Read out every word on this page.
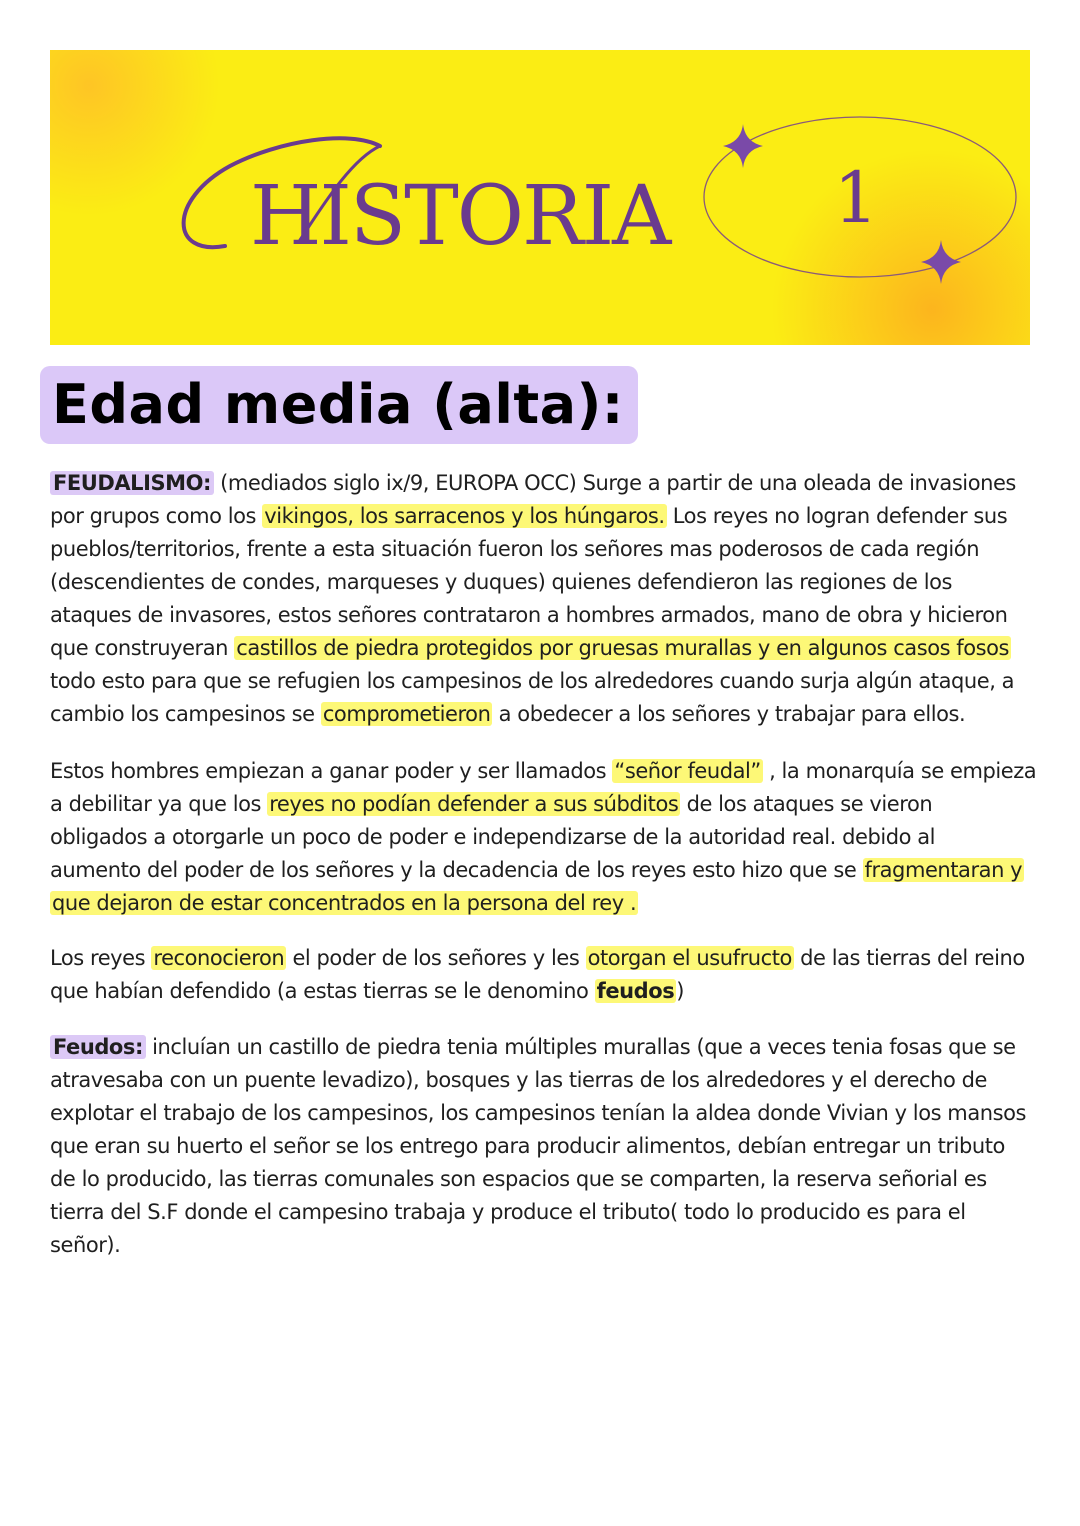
HISTORIA 1
Edad media (alta):
FEUDALISMO: (mediados siglo ix/9, EUROPA OCC) Surge a partir de una oleada de invasiones
por grupos como los vikingos, los sarracenos y los húngaros. Los reyes no logran defender sus
pueblos/territorios, frente a esta situación fueron los señores mas poderosos de cada región
(descendientes de condes, marqueses y duques) quienes defendieron las regiones de los
ataques de invasores, estos señores contrataron a hombres armados, mano de obra y hicieron
que construyeran castillos de piedra protegidos por gruesas murallas y en algunos casos fosos
todo esto para que se refugien los campesinos de los alrededores cuando surja algún ataque, a
cambio los campesinos se comprometieron a obedecer a los señores y trabajar para ellos.
Estos hombres empiezan a ganar poder y ser llamados “señor feudal” , la monarquía se empieza
a debilitar ya que los reyes no podían defender a sus súbditos de los ataques se vieron
obligados a otorgarle un poco de poder e independizarse de la autoridad real. debido al
aumento del poder de los señores y la decadencia de los reyes esto hizo que se fragmentaran y
que dejaron de estar concentrados en la persona del rey .
Los reyes reconocieron el poder de los señores y les otorgan el usufructo de las tierras del reino
que habían defendido (a estas tierras se le denomino feudos)
Feudos: incluían un castillo de piedra tenia múltiples murallas (que a veces tenia fosas que se
atravesaba con un puente levadizo), bosques y las tierras de los alrededores y el derecho de
explotar el trabajo de los campesinos, los campesinos tenían la aldea donde Vivian y los mansos
que eran su huerto el señor se los entrego para producir alimentos, debían entregar un tributo
de lo producido, las tierras comunales son espacios que se comparten, la reserva señorial es
tierra del S.F donde el campesino trabaja y produce el tributo( todo lo producido es para el
señor).
